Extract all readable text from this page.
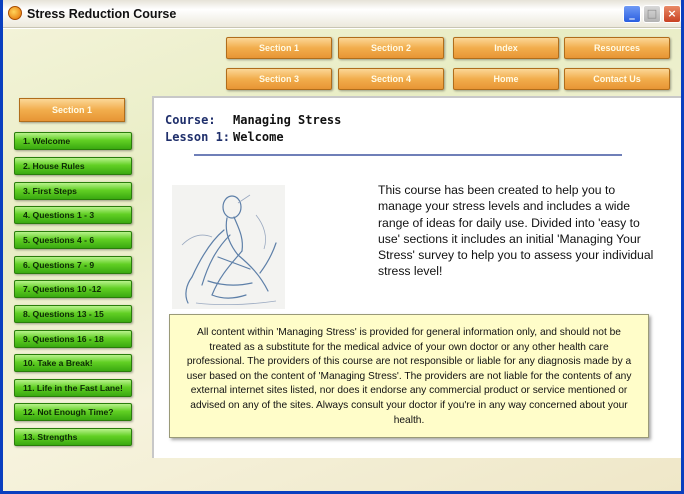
Stress Reduction Course	_	□ ×
Section 1	Section 2	Index	Resources
Section 3	Section 4	Home	Contact Us
Section 1
1. Welcome
2. House Rules
3. First Steps
4. Questions 1 - 3
5. Questions 4 - 6
6. Questions 7 - 9
7. Questions 10 -12
8. Questions 13 - 15
9. Questions 16 - 18
10. Take a Break!
11. Life in the Fast Lane!
12. Not Enough Time?
13. Strengths
Course: Managing Stress
Lesson 1: Welcome
This course has been created to help you to manage your stress levels and includes a wide range of ideas for daily use. Divided into 'easy to use' sections it includes an initial 'Managing Your Stress' survey to help you to assess your individual stress level!
All content within 'Managing Stress' is provided for general information only, and should not be treated as a substitute for the medical advice of your own doctor or any other health care professional. The providers of this course are not responsible or liable for any diagnosis made by a user based on the content of 'Managing Stress'. The providers are not liable for the contents of any external internet sites listed, nor does it endorse any commercial product or service mentioned or advised on any of the sites. Always consult your doctor if you're in any way concerned about your health.
